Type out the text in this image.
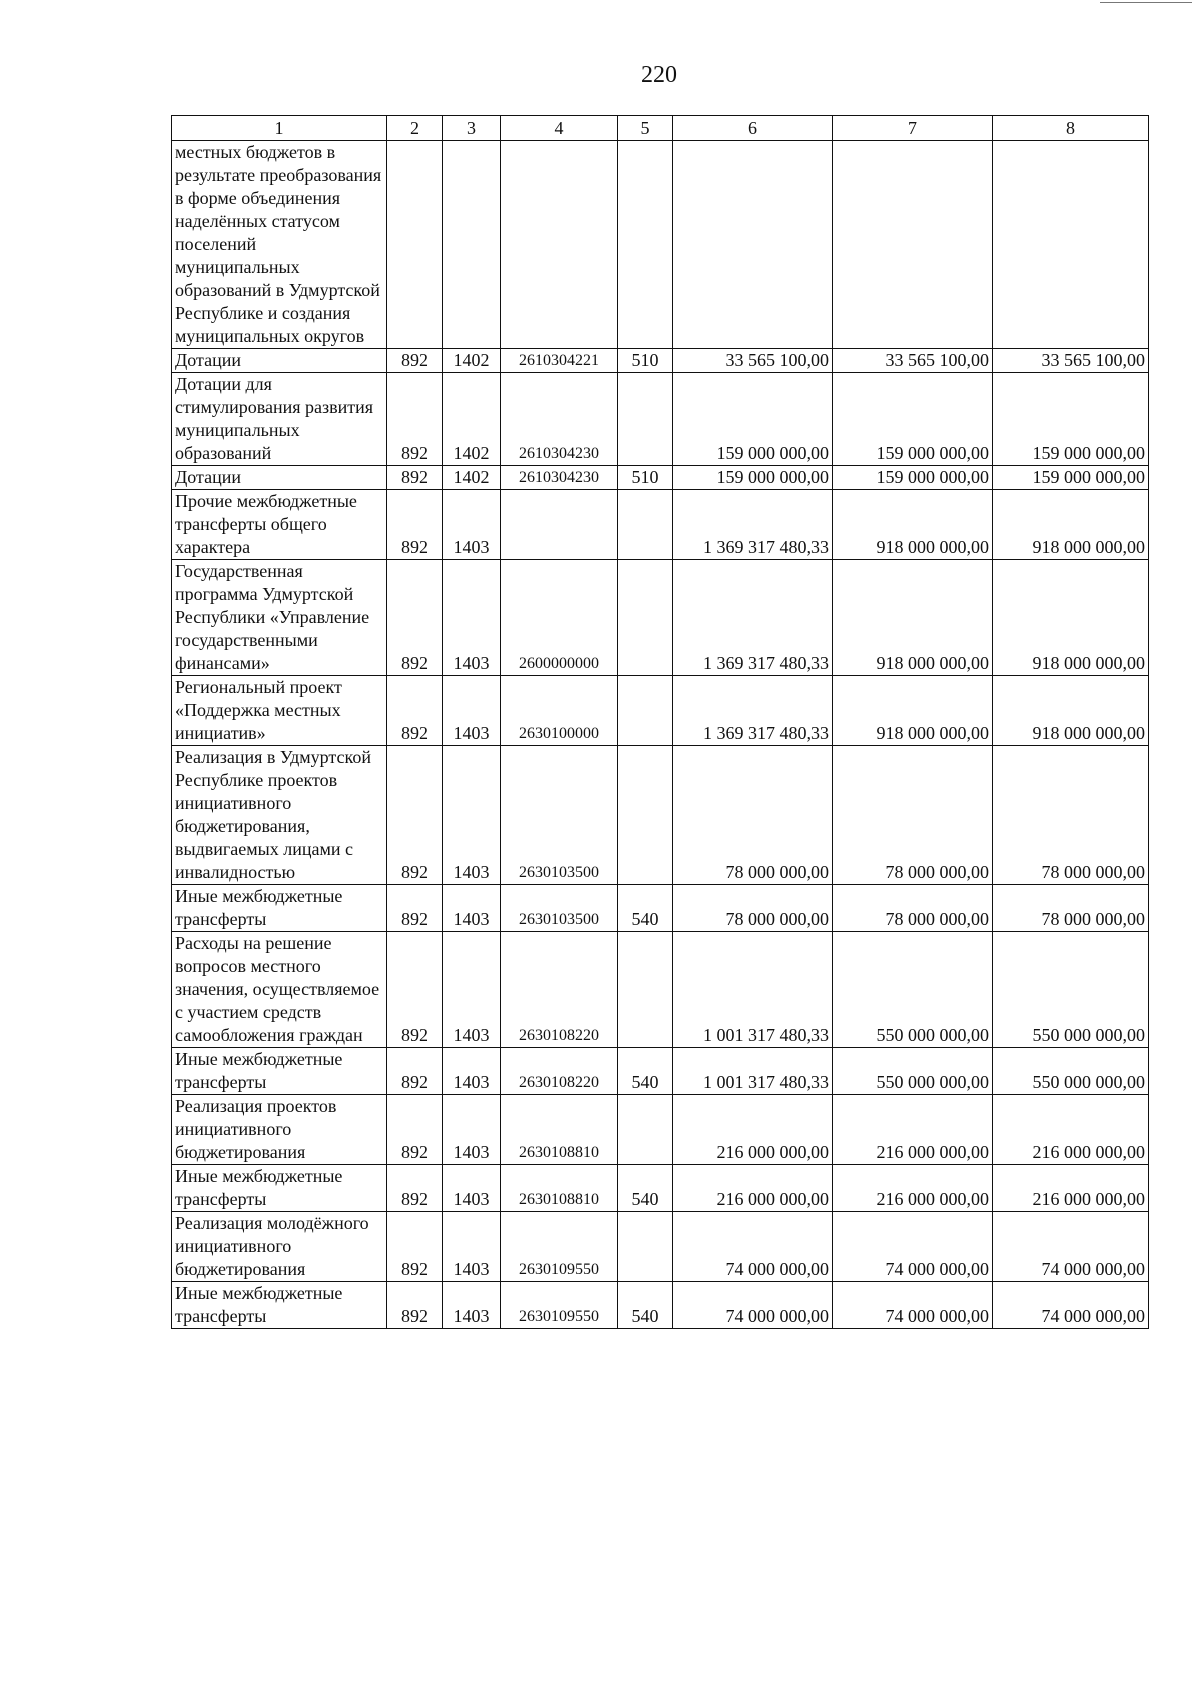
220
1	2	3	4	5	6	7	8
местных бюджетов в результате преобразования в форме объединения наделённых статусом поселений муниципальных образований в Удмуртской Республике и создания муниципальных округов							
Дотации	892	1402	2610304221	510	33 565 100,00	33 565 100,00	33 565 100,00
Дотации для стимулирования развития муниципальных образований	892	1402	2610304230		159 000 000,00	159 000 000,00	159 000 000,00
Дотации	892	1402	2610304230	510	159 000 000,00	159 000 000,00	159 000 000,00
Прочие межбюджетные трансферты общего характера	892	1403			1 369 317 480,33	918 000 000,00	918 000 000,00
Государственная программа Удмуртской Республики «Управление государственными финансами»	892	1403	2600000000		1 369 317 480,33	918 000 000,00	918 000 000,00
Региональный проект «Поддержка местных инициатив»	892	1403	2630100000		1 369 317 480,33	918 000 000,00	918 000 000,00
Реализация в Удмуртской Республике проектов инициативного бюджетирования, выдвигаемых лицами с инвалидностью	892	1403	2630103500		78 000 000,00	78 000 000,00	78 000 000,00
Иные межбюджетные трансферты	892	1403	2630103500	540	78 000 000,00	78 000 000,00	78 000 000,00
Расходы на решение вопросов местного значения, осуществляемое с участием средств самообложения граждан	892	1403	2630108220		1 001 317 480,33	550 000 000,00	550 000 000,00
Иные межбюджетные трансферты	892	1403	2630108220	540	1 001 317 480,33	550 000 000,00	550 000 000,00
Реализация проектов инициативного бюджетирования	892	1403	2630108810		216 000 000,00	216 000 000,00	216 000 000,00
Иные межбюджетные трансферты	892	1403	2630108810	540	216 000 000,00	216 000 000,00	216 000 000,00
Реализация молодёжного инициативного бюджетирования	892	1403	2630109550		74 000 000,00	74 000 000,00	74 000 000,00
Иные межбюджетные трансферты	892	1403	2630109550	540	74 000 000,00	74 000 000,00	74 000 000,00
